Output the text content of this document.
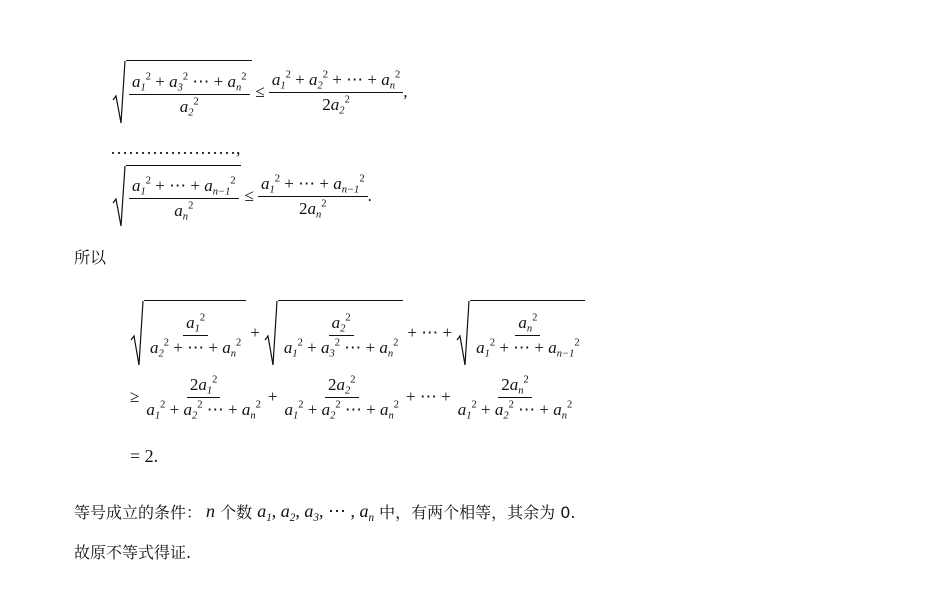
$\frac{a_1^2 + a_3^2 \cdots + a_n^2}{a_2^2} \le \frac{a_1^2 + a_2^2 + \cdots + a_n^2}{2a_2^2}$ ,
…………………,
$\frac{a_1^2 + \cdots + a_{n-1}^2}{a_n^2} \le \frac{a_1^2 + \cdots + a_{n-1}^2}{2a_n^2}$ .
所以
$\frac{a_1^2}{a_2^2 + \cdots + a_n^2} + \frac{a_2^2}{a_1^2 + a_3^2 \cdots + a_n^2}$ + ⋯ + $\frac{a_n^2}{a_1^2 + \cdots + a_{n-1}^2}$
≥ $\frac{2a_1^2}{a_1^2 + a_2^2 \cdots + a_n^2} + \frac{2a_2^2}{a_1^2 + a_2^2 \cdots + a_n^2}$ + ⋯ + $\frac{2a_n^2}{a_1^2 + a_2^2 \cdots + a_n^2}$
= 2.
等号成立的条件： n 个数 $a_1$, $a_2$, $a_3$, ⋯ , $a_n$ 中，有两个相等，其余为 0.
故原不等式得证.
